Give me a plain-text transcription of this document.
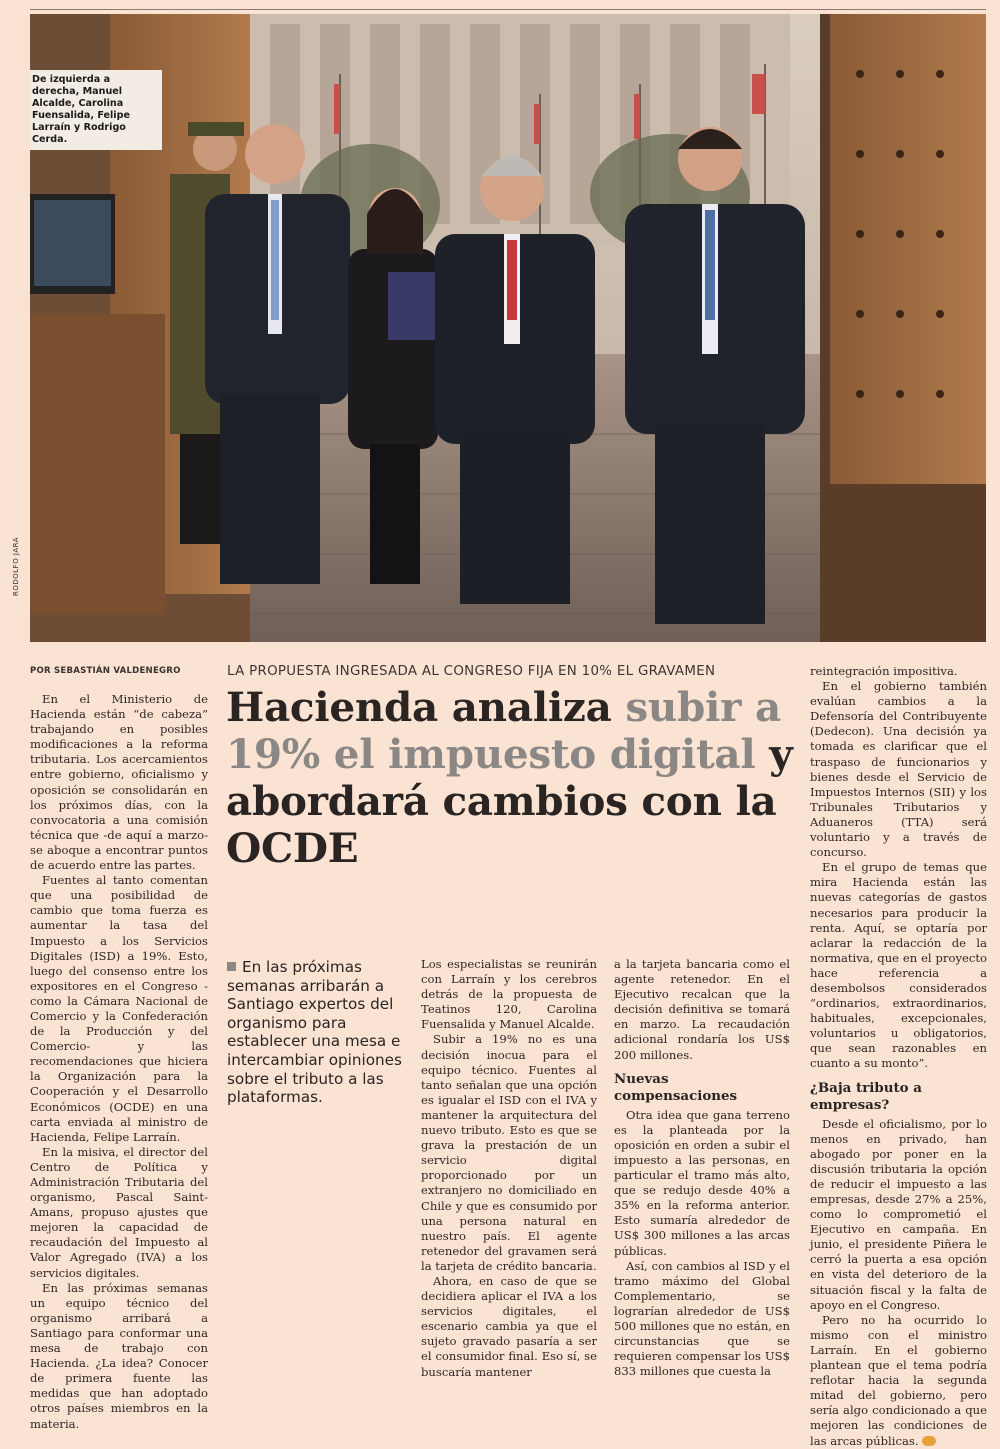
De izquierda a derecha, Manuel Alcalde, Carolina Fuensalida, Felipe Larraín y Rodrigo Cerda.
RODOLFO JARA
POR SEBASTIÁN VALDENEGRO	LA PROPUESTA INGRESADA AL CONGRESO FIJA EN 10% EL GRAVAMEN
Hacienda analiza subir a 19% el impuesto digital y abordará cambios con la OCDE
En las próximas semanas arribarán a Santiago expertos del organismo para establecer una mesa e intercambiar opiniones sobre el tributo a las plataformas.

En el Ministerio de Hacienda están “de cabeza” trabajando en posibles modificaciones a la reforma tributaria. Los acercamientos entre gobierno, oficialismo y oposición se consolidarán en los próximos días, con la convocatoria a una comisión técnica que -de aquí a marzo- se aboque a encontrar puntos de acuerdo entre las partes.

Fuentes al tanto comentan que una posibilidad de cambio que toma fuerza es aumentar la tasa del Impuesto a los Servicios Digitales (ISD) a 19%. Esto, luego del consenso entre los expositores en el Congreso -como la Cámara Nacional de Comercio y la Confederación de la Producción y del Comercio- y las recomendaciones que hiciera la Organización para la Cooperación y el Desarrollo Económicos (OCDE) en una carta enviada al ministro de Hacienda, Felipe Larraín.

En la misiva, el director del Centro de Política y Administración Tributaria del organismo, Pascal Saint-Amans, propuso ajustes que mejoren la capacidad de recaudación del Impuesto al Valor Agregado (IVA) a los servicios digitales.

En las próximas semanas un equipo técnico del organismo arribará a Santiago para conformar una mesa de trabajo con Hacienda. ¿La idea? Conocer de primera fuente las medidas que han adoptado otros países miembros en la materia.

Los especialistas se reunirán con Larraín y los cerebros detrás de la propuesta de Teatinos 120, Carolina Fuensalida y Manuel Alcalde.

Subir a 19% no es una decisión inocua para el equipo técnico. Fuentes al tanto señalan que una opción es igualar el ISD con el IVA y mantener la arquitectura del nuevo tributo. Esto es que se grava la prestación de un servicio digital proporcionado por un extranjero no domiciliado en Chile y que es consumido por una persona natural en nuestro país. El agente retenedor del gravamen será la tarjeta de crédito bancaria.

Ahora, en caso de que se decidiera aplicar el IVA a los servicios digitales, el escenario cambia ya que el sujeto gravado pasaría a ser el consumidor final. Eso sí, se buscaría mantener

a la tarjeta bancaria como el agente retenedor. En el Ejecutivo recalcan que la decisión definitiva se tomará en marzo. La recaudación adicional rondaría los US$ 200 millones.

Nuevas compensaciones

Otra idea que gana terreno es la planteada por la oposición en orden a subir el impuesto a las personas, en particular el tramo más alto, que se redujo desde 40% a 35% en la reforma anterior. Esto sumaría alrededor de US$ 300 millones a las arcas públicas.

Así, con cambios al ISD y el tramo máximo del Global Complementario, se lograrían alrededor de US$ 500 millones que no están, en circunstancias que se requieren compensar los US$ 833 millones que cuesta la

reintegración impositiva.

En el gobierno también evalúan cambios a la Defensoría del Contribuyente (Dedecon). Una decisión ya tomada es clarificar que el traspaso de funcionarios y bienes desde el Servicio de Impuestos Internos (SII) y los Tribunales Tributarios y Aduaneros (TTA) será voluntario y a través de concurso.

En el grupo de temas que mira Hacienda están las nuevas categorías de gastos necesarios para producir la renta. Aquí, se optaría por aclarar la redacción de la normativa, que en el proyecto hace referencia a desembolsos considerados “ordinarios, extraordinarios, habituales, excepcionales, voluntarios u obligatorios, que sean razonables en cuanto a su monto”.

¿Baja tributo a empresas?

Desde el oficialismo, por lo menos en privado, han abogado por poner en la discusión tributaria la opción de reducir el impuesto a las empresas, desde 27% a 25%, como lo comprometió el Ejecutivo en campaña. En junio, el presidente Piñera le cerró la puerta a esa opción en vista del deterioro de la situación fiscal y la falta de apoyo en el Congreso.

Pero no ha ocurrido lo mismo con el ministro Larraín. En el gobierno plantean que el tema podría reflotar hacia la segunda mitad del gobierno, pero sería algo condicionado a que mejoren las condiciones de las arcas públicas.
